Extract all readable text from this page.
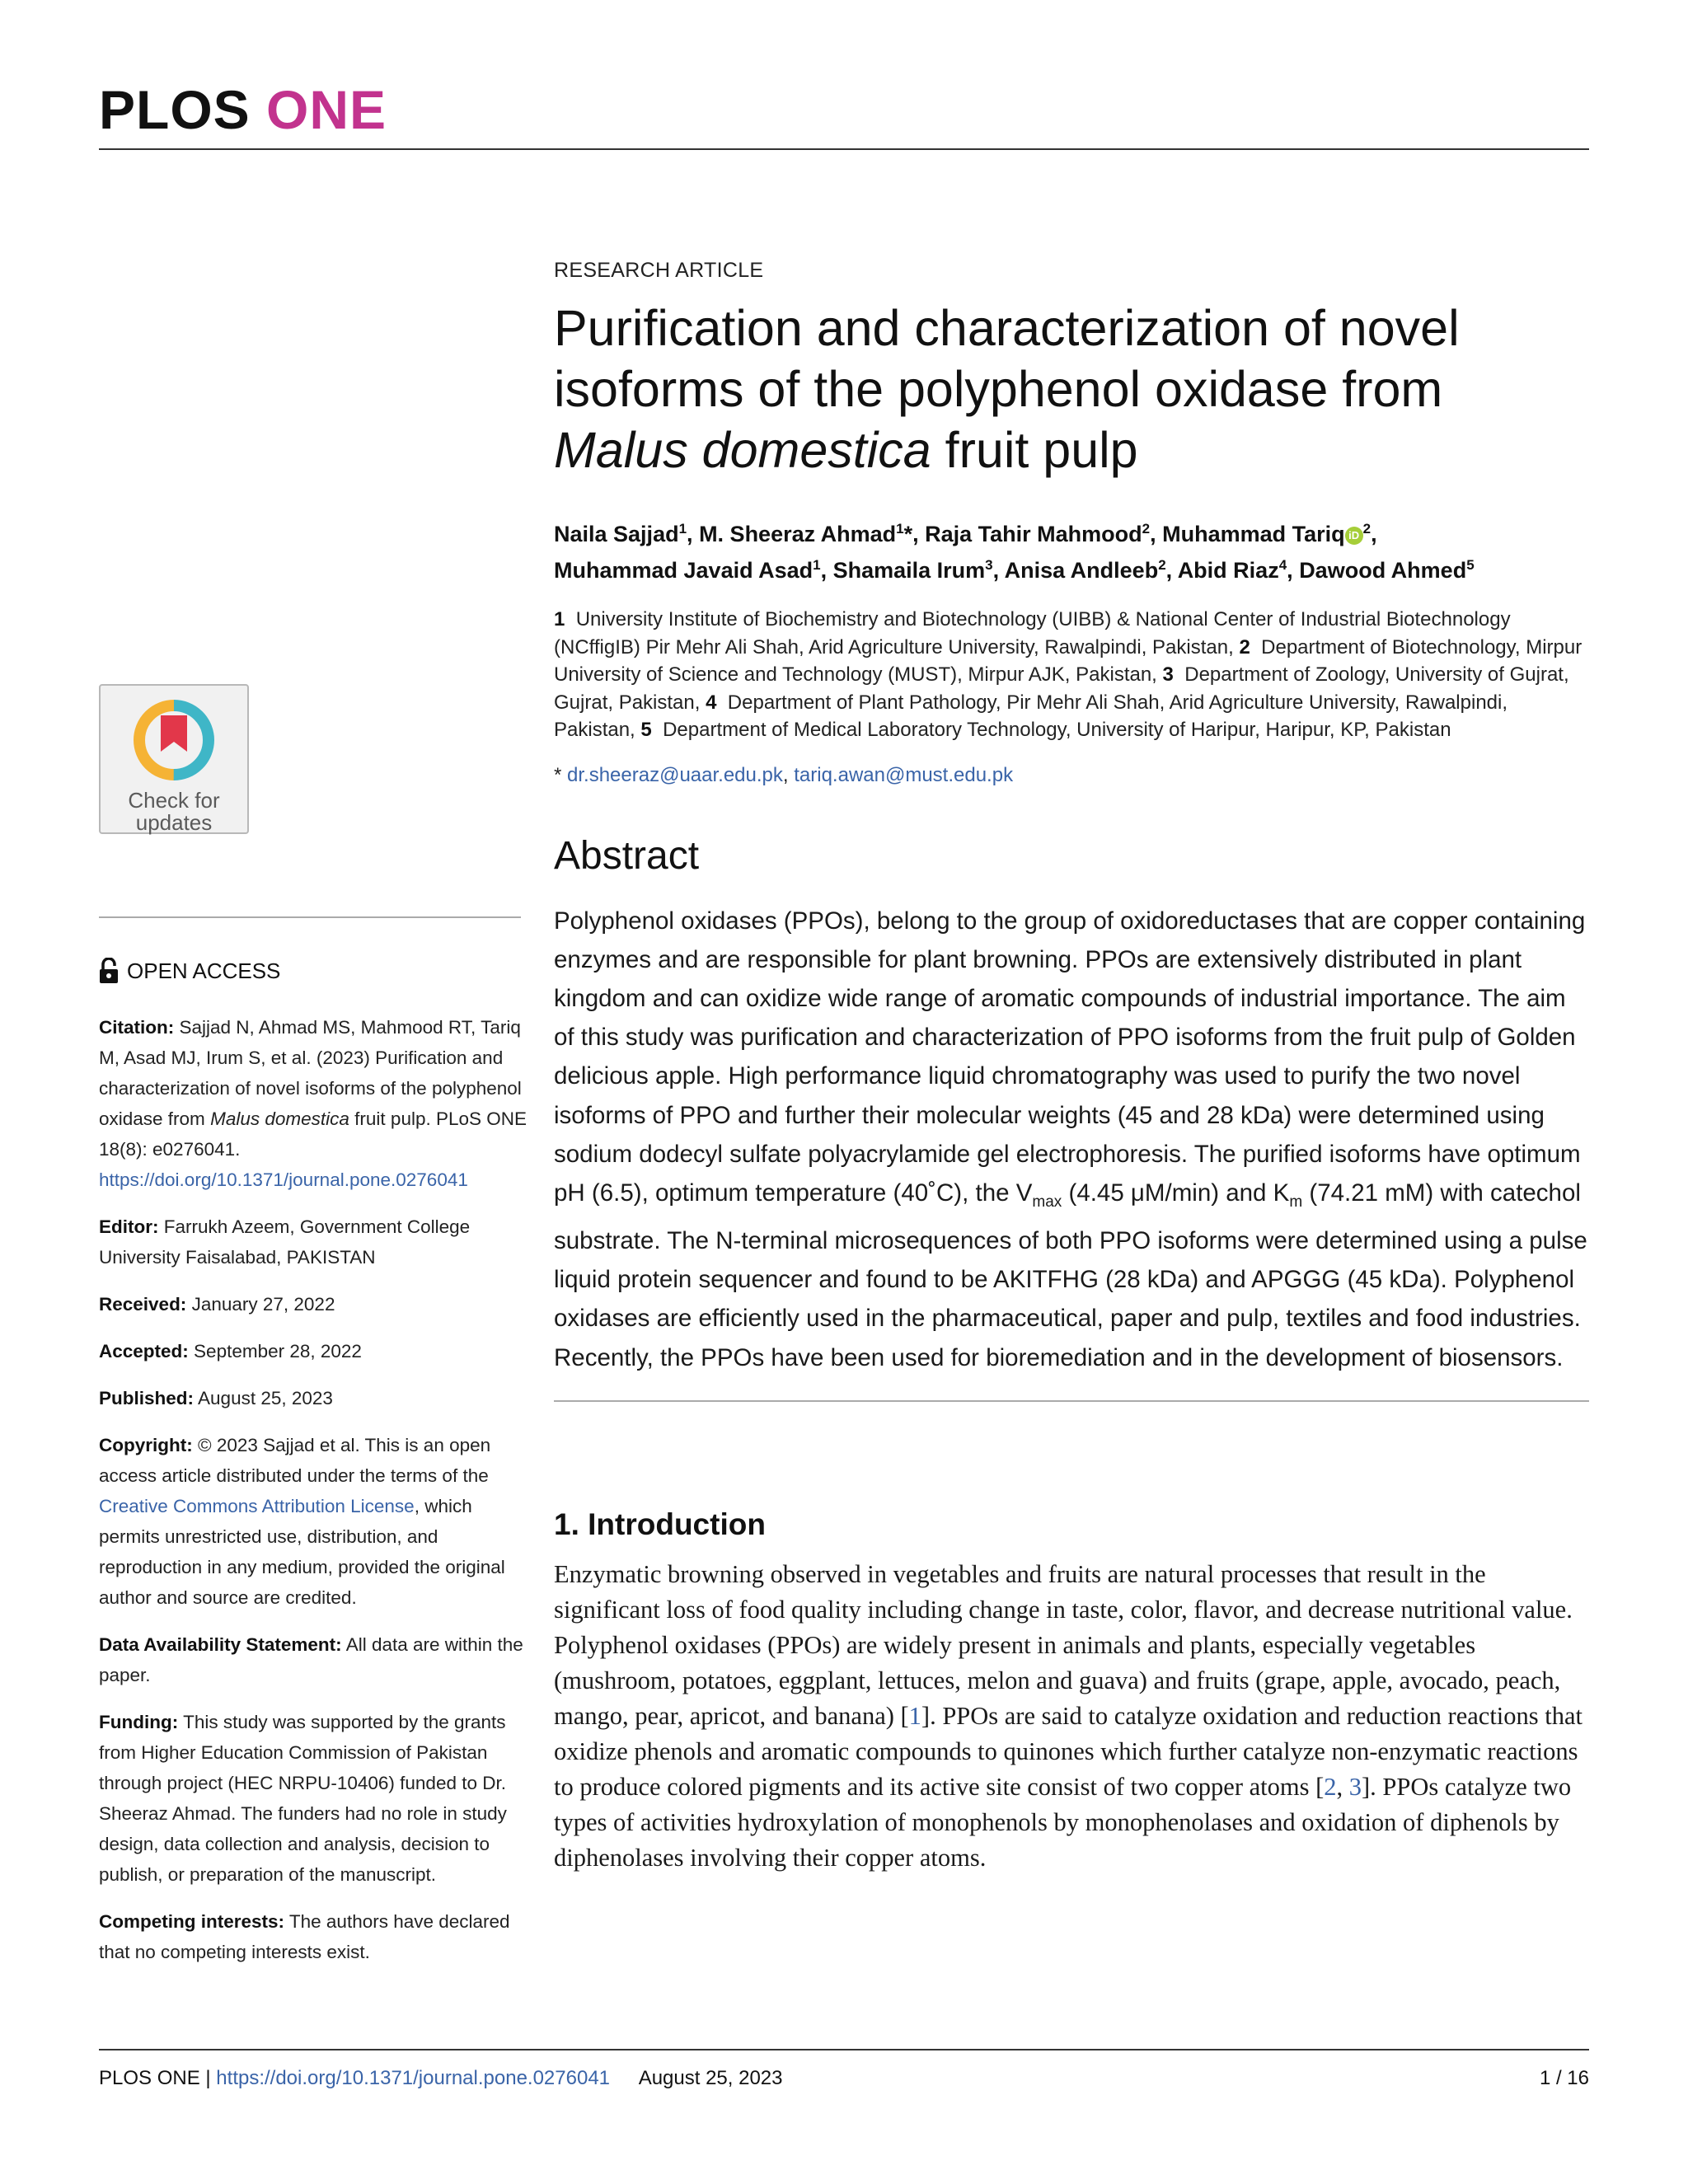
PLOS ONE
Check for
updates
OPEN ACCESS

Citation: Sajjad N, Ahmad MS, Mahmood RT, Tariq M, Asad MJ, Irum S, et al. (2023) Purification and characterization of novel isoforms of the polyphenol oxidase from Malus domestica fruit pulp. PLoS ONE 18(8): e0276041. https://doi.org/10.1371/journal.pone.0276041

Editor: Farrukh Azeem, Government College University Faisalabad, PAKISTAN

Received: January 27, 2022

Accepted: September 28, 2022

Published: August 25, 2023

Copyright: © 2023 Sajjad et al. This is an open access article distributed under the terms of the Creative Commons Attribution License, which permits unrestricted use, distribution, and reproduction in any medium, provided the original author and source are credited.

Data Availability Statement: All data are within the paper.

Funding: This study was supported by the grants from Higher Education Commission of Pakistan through project (HEC NRPU-10406) funded to Dr. Sheeraz Ahmad. The funders had no role in study design, data collection and analysis, decision to publish, or preparation of the manuscript.

Competing interests: The authors have declared that no competing interests exist.

RESEARCH ARTICLE
Purification and characterization of novel
isoforms of the polyphenol oxidase from
Malus domestica fruit pulp
Naila Sajjad$^1$, M. Sheeraz Ahmad$^1$*, Raja Tahir Mahmood$^2$, Muhammad Tariq iD $^2$,
Muhammad Javaid Asad$^1$, Shamaila Irum$^3$, Anisa Andleeb$^2$, Abid Riaz$^4$, Dawood Ahmed$^5$
1 University Institute of Biochemistry and Biotechnology (UIBB) & National Center of Industrial Biotechnology (NCffigIB) Pir Mehr Ali Shah, Arid Agriculture University, Rawalpindi, Pakistan, 2 Department of Biotechnology, Mirpur University of Science and Technology (MUST), Mirpur AJK, Pakistan, 3 Department of Zoology, University of Gujrat, Gujrat, Pakistan, 4 Department of Plant Pathology, Pir Mehr Ali Shah, Arid Agriculture University, Rawalpindi, Pakistan, 5 Department of Medical Laboratory Technology, University of Haripur, Haripur, KP, Pakistan
* dr.sheeraz@uaar.edu.pk, tariq.awan@must.edu.pk
Abstract
Polyphenol oxidases (PPOs), belong to the group of oxidoreductases that are copper containing enzymes and are responsible for plant browning. PPOs are extensively distributed in plant kingdom and can oxidize wide range of aromatic compounds of industrial importance. The aim of this study was purification and characterization of PPO isoforms from the fruit pulp of Golden delicious apple. High performance liquid chromatography was used to purify the two novel isoforms of PPO and further their molecular weights (45 and 28 kDa) were determined using sodium dodecyl sulfate polyacrylamide gel electrophoresis. The purified isoforms have optimum pH (6.5), optimum temperature (40˚C), the $V_{max}$ (4.45 μM/min) and $K_m$ (74.21 mM) with catechol substrate. The N-terminal microsequences of both PPO isoforms were determined using a pulse liquid protein sequencer and found to be AKITFHG (28 kDa) and APGGG (45 kDa). Polyphenol oxidases are efficiently used in the pharmaceutical, paper and pulp, textiles and food industries. Recently, the PPOs have been used for bioremediation and in the development of biosensors.
1. Introduction
Enzymatic browning observed in vegetables and fruits are natural processes that result in the significant loss of food quality including change in taste, color, flavor, and decrease nutritional value. Polyphenol oxidases (PPOs) are widely present in animals and plants, especially vegetables (mushroom, potatoes, eggplant, lettuces, melon and guava) and fruits (grape, apple, avocado, peach, mango, pear, apricot, and banana) [1]. PPOs are said to catalyze oxidation and reduction reactions that oxidize phenols and aromatic compounds to quinones which further catalyze non-enzymatic reactions to produce colored pigments and its active site consist of two copper atoms [2, 3]. PPOs catalyze two types of activities hydroxylation of monophenols by monophenolases and oxidation of diphenols by diphenolases involving their copper atoms.
PLOS ONE | https://doi.org/10.1371/journal.pone.0276041 August 25, 2023	1 / 16
